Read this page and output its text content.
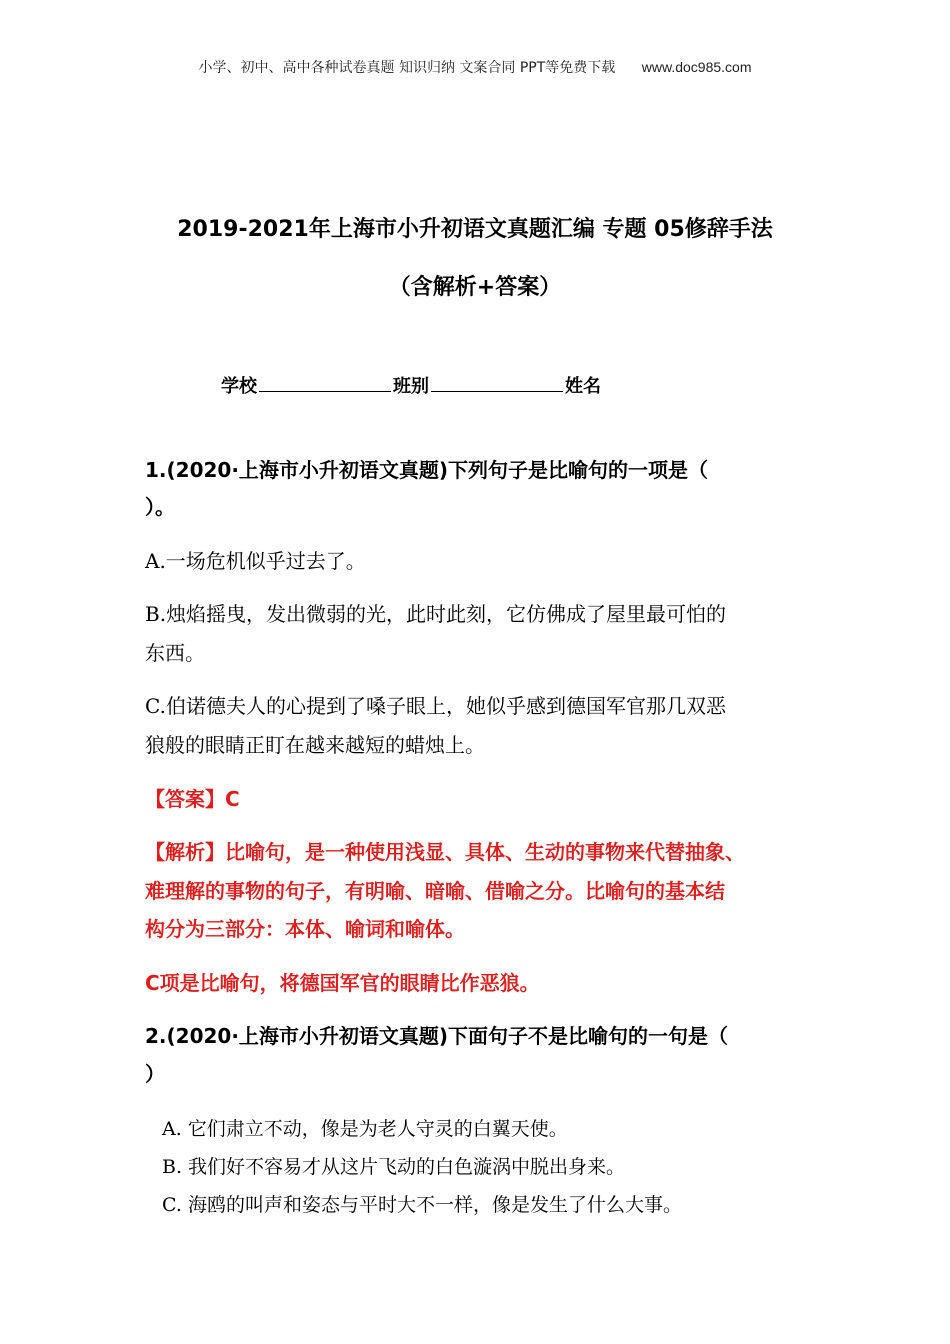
小学、初中、高中各种试卷真题 知识归纳 文案合同 PPT等免费下载 www.doc985.com
2019-2021年上海市小升初语文真题汇编 专题 05修辞手法
（含解析+答案）
学校	班别	姓名
1.(2020·上海市小升初语文真题)下列句子是比喻句的一项是（
）。
A.一场危机似乎过去了。
B.烛焰摇曳，发出微弱的光，此时此刻，它仿佛成了屋里最可怕的
东西。
C.伯诺德夫人的心提到了嗓子眼上，她似乎感到德国军官那几双恶
狼般的眼睛正盯在越来越短的蜡烛上。
【答案】C
【解析】比喻句，是一种使用浅显、具体、生动的事物来代替抽象、
难理解的事物的句子，有明喻、暗喻、借喻之分。比喻句的基本结
构分为三部分：本体、喻词和喻体。
C项是比喻句，将德国军官的眼睛比作恶狼。
2.(2020·上海市小升初语文真题)下面句子不是比喻句的一句是（
）
A. 它们肃立不动，像是为老人守灵的白翼天使。
B. 我们好不容易才从这片飞动的白色漩涡中脱出身来。
C. 海鸥的叫声和姿态与平时大不一样，像是发生了什么大事。
